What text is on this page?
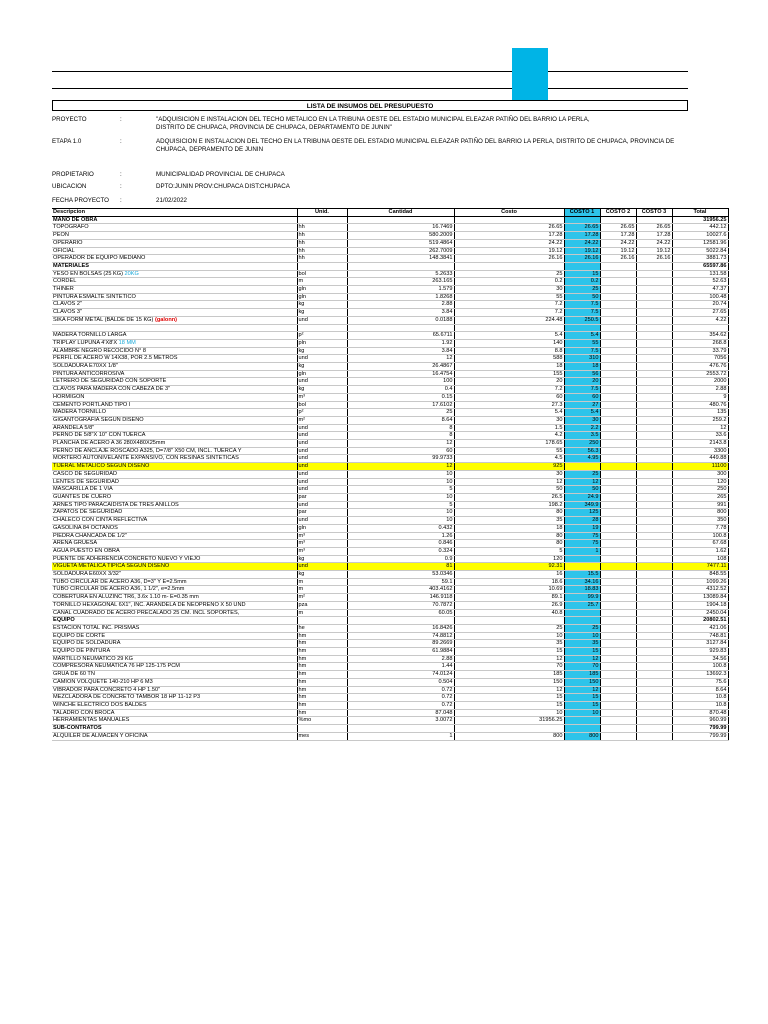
LISTA DE INSUMOS DEL PRESUPUESTO
PROYECTO	:	"ADQUISICION E INSTALACION DEL TECHO METALICO EN LA TRIBUNA OESTE DEL ESTADIO MUNICIPAL ELEAZAR PATIÑO DEL BARRIO LA PERLA, DISTRITO DE CHUPACA, PROVINCIA DE CHUPACA, DEPARTAMENTO DE JUNIN"
ETAPA 1.0	:	ADQUISICION E INSTALACION DEL TECHO EN LA TRIBUNA OESTE DEL ESTADIO MUNICIPAL ELEAZAR PATIÑO DEL BARRIO LA PERLA, DISTRITO DE CHUPACA, PROVINCIA DE CHUPACA, DEPRAMENTO DE JUNIN
PROPIETARIO	:	MUNICIPALIDAD PROVINCIAL DE CHUPACA
UBICACION	:	DPTO:JUNIN PROV:CHUPACA DIST:CHUPACA
FECHA PROYECTO :	21/02/2022
Descripcion	Unid.	Cantidad	Costo	COSTO 1	COSTO 2	COSTO 3	Total
MANO DE OBRA							31956.25
TOPOGRAFO	hh	16.7469	26.65	26.65	26.65	26.65	442.12
PEON	hh	580.2009	17.28	17.28	17.28	17.28	10027.6
OPERARIO	hh	519.4864	24.22	24.22	24.22	24.22	12581.96
OFICIAL	hh	262.7009	19.12	19.12	19.12	19.12	5022.84
OPERADOR DE EQUIPO MEDIANO	hh	148.3841	26.16	26.16	26.16	26.16	3881.73
MATERIALES							65597.86
YESO EN BOLSAS (25 KG) 20KG	bol	5.2633	25	15			131.58
CORDEL	m	263.165	0.2	0.2			52.63
THINER	gln	1.579	30	25			47.37
PINTURA ESMALTE SINTETICO	gln	1.8268	55	50			100.48
CLAVOS 2"	kg	2.88	7.2	7.5			20.74
CLAVOS 3"	kg	3.84	7.2	7.5			27.65
SIKA FORM METAL (BALDE DE 15 KG) (galonn)	und	0.0188	224.48	250.5			4.22

MADERA TORNILLO LARGA	p²	65.6711	5.4	5.4			354.62
TRIPLAY LUPUNA 4'X8'X 18 MM	pln	1.92	140	55			268.8
ALAMBRE NEGRO RECOCIDO N° 8	kg	3.84	8.8	7.5			33.79
PERFIL DE ACERO W 14X38, POR 2.5 METROS	und	12	588	310			7056
SOLDADURA E70XX 1/8"	kg	26.4867	18	18			476.76
PINTURA ANTICORROSIVA	gln	16.4754	155	56			2553.72
LETRERO DE SEGURIDAD CON SOPORTE	und	100	20	20			2000
CLAVOS PARA MADERA CON CABEZA DE 3"	kg	0.4	7.2	7.5			2.88
HORMIGON	m³	0.15	60	60			9
CEMENTO PORTLAND TIPO I	bol	17.6102	27.3	27			480.76
MADERA TORNILLO	p²	25	5.4	5.4			135
GIGANTOGRAFIA SEGUN DISEÑO	m²	8.64	30	30			259.2
ARANDELA 5/8"	und	8	1.5	2.2			12
PERNO DE 5/8"X 10" CON TUERCA	und	8	4.2	3.5			33.6
PLANCHA DE ACERO A 36 280X480X25mm	und	12	178.65	250			2143.8
PERNO DE ANCLAJE ROSCADO A325, D=7/8" X50 CM, INCL. TUERCA Y	und	60	55	56.3			3300
MORTERO AUTONIVELANTE EXPANSIVO, CON RESINAS SINTETICAS	und	99.9733	4.5	4.95			449.88
TIJERAL METALICO SEGUN DISEÑO	und	12	925				11100
CASCO DE SEGURIDAD	und	10	30	25			300
LENTES DE SEGURIDAD	und	10	12	12			120
MASCARILLA DE 1 VIA	und	5	50	50			250
GUANTES DE CUERO	par	10	26.5	24.9			265
ARNES TIPO PARACAIDISTA DE TRES ANILLOS	und	5	198.2	349.9			991
ZAPATOS DE SEGURIDAD	par	10	80	125			800
CHALECO CON CINTA REFLECTIVA	und	10	35	28			350
GASOLINA 84 OCTANOS	gln	0.432	18	19			7.78
PIEDRA CHANCADA DE 1/2"	m³	1.26	80	75			100.8
ARENA GRUESA	m³	0.846	80	75			67.68
AGUA PUESTO EN OBRA	m³	0.324	5	1			1.62
PUENTE DE ADHERENCIA CONCRETO NUEVO Y VIEJO	kg	0.9	120				108
VIGUETA METALICA TIPICA SEGUN DISEÑO	und	81	92.31				7477.11
SOLDADURA E60XX 3/32"	kg	53.0346	16	15.5			848.55
TUBO CIRCULAR DE ACERO A36, D=3" Y E=2.5mm	m	59.1	18.6	34.16			1099.26
TUBO CIRCULAR DE ACERO A36, 1 1/2", e=2.5mm	m	403.4162	10.69	18.83			4312.52
COBERTURA EN ALUZINC TR6, 3.6x 1.10 m- E=0.35 mm	m²	146.9118	89.1	99.9			13089.84
TORNILLO HEXAGONAL 6X1", INC. ARANDELA DE NEOPRENO X 50 UND	pza	70.7872	26.9	25.7			1904.18
CANAL CUADRADO DE ACERO PRECALADO 25 CM. INCL SOPORTES,	m	60.05	40.8				2450.04
EQUIPO							20802.51
ESTACION TOTAL INC. PRISMAS	he	16.8426	25	25			421.06
EQUIPO DE CORTE	hm	74.8812	10	10			748.81
EQUIPO DE SOLDADURA	hm	89.2669	35	35			3127.84
EQUIPO DE PINTURA	hm	61.9884	15	15			929.83
MARTILLO NEUMATICO 29 KG	hm	2.88	12	12			34.56
COMPRESORA NEUMATICA 76 HP 125-175 PCM	hm	1.44	70	70			100.8
GRUA DE 60 TN	hm	74.0124	185	185			13692.3
CAMION VOLQUETE 140-210 HP 6 M3	hm	0.504	150	150			75.6
VIBRADOR PARA CONCRETO 4 HP 1.50"	hm	0.72	12	12			8.64
MEZCLADORA DE CONCRETO TAMBOR 18 HP 11-12 P3	hm	0.72	15	15			10.8
WINCHE ELECTRICO DOS BALDES	hm	0.72	15	15			10.8
TALADRO CON BROCA	hm	87.048	10	10			870.48
HERRAMIENTAS MANUALES	%mo	3.0072	31956.25				960.99
SUB-CONTRATOS							799.99
ALQUILER DE ALMACEN Y OFICINA	mes	1	800	800			799.99
